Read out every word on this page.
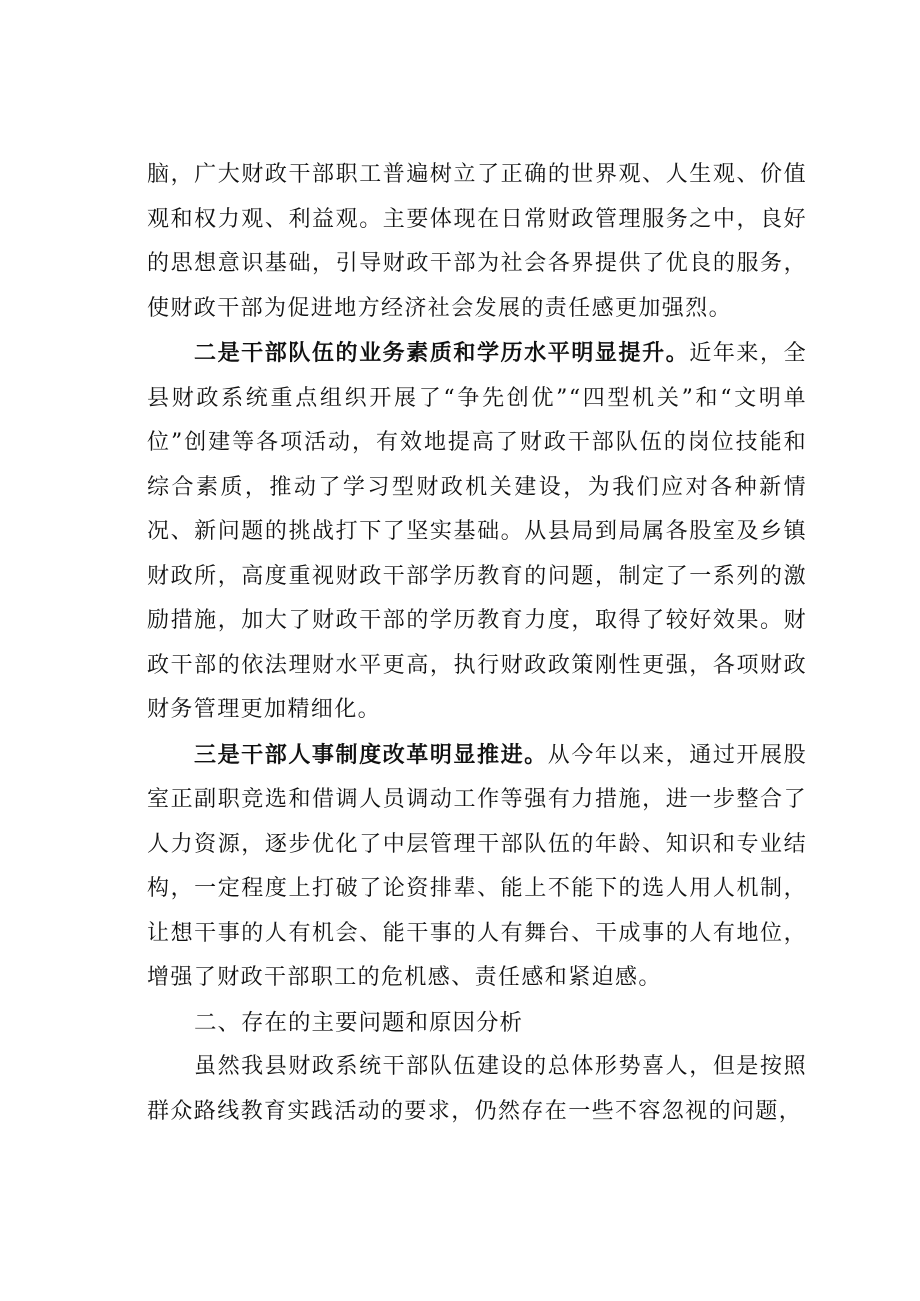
脑，广大财政干部职工普遍树立了正确的世界观、人生观、价值观和权力观、利益观。主要体现在日常财政管理服务之中，良好的思想意识基础，引导财政干部为社会各界提供了优良的服务，使财政干部为促进地方经济社会发展的责任感更加强烈。

二是干部队伍的业务素质和学历水平明显提升。近年来，全县财政系统重点组织开展了“争先创优”“四型机关”和“文明单位”创建等各项活动，有效地提高了财政干部队伍的岗位技能和综合素质，推动了学习型财政机关建设，为我们应对各种新情况、新问题的挑战打下了坚实基础。从县局到局属各股室及乡镇财政所，高度重视财政干部学历教育的问题，制定了一系列的激励措施，加大了财政干部的学历教育力度，取得了较好效果。财政干部的依法理财水平更高，执行财政政策刚性更强，各项财政财务管理更加精细化。

三是干部人事制度改革明显推进。从今年以来，通过开展股室正副职竞选和借调人员调动工作等强有力措施，进一步整合了人力资源，逐步优化了中层管理干部队伍的年龄、知识和专业结构，一定程度上打破了论资排辈、能上不能下的选人用人机制，让想干事的人有机会、能干事的人有舞台、干成事的人有地位，增强了财政干部职工的危机感、责任感和紧迫感。

二、存在的主要问题和原因分析

虽然我县财政系统干部队伍建设的总体形势喜人，但是按照群众路线教育实践活动的要求，仍然存在一些不容忽视的问题，
